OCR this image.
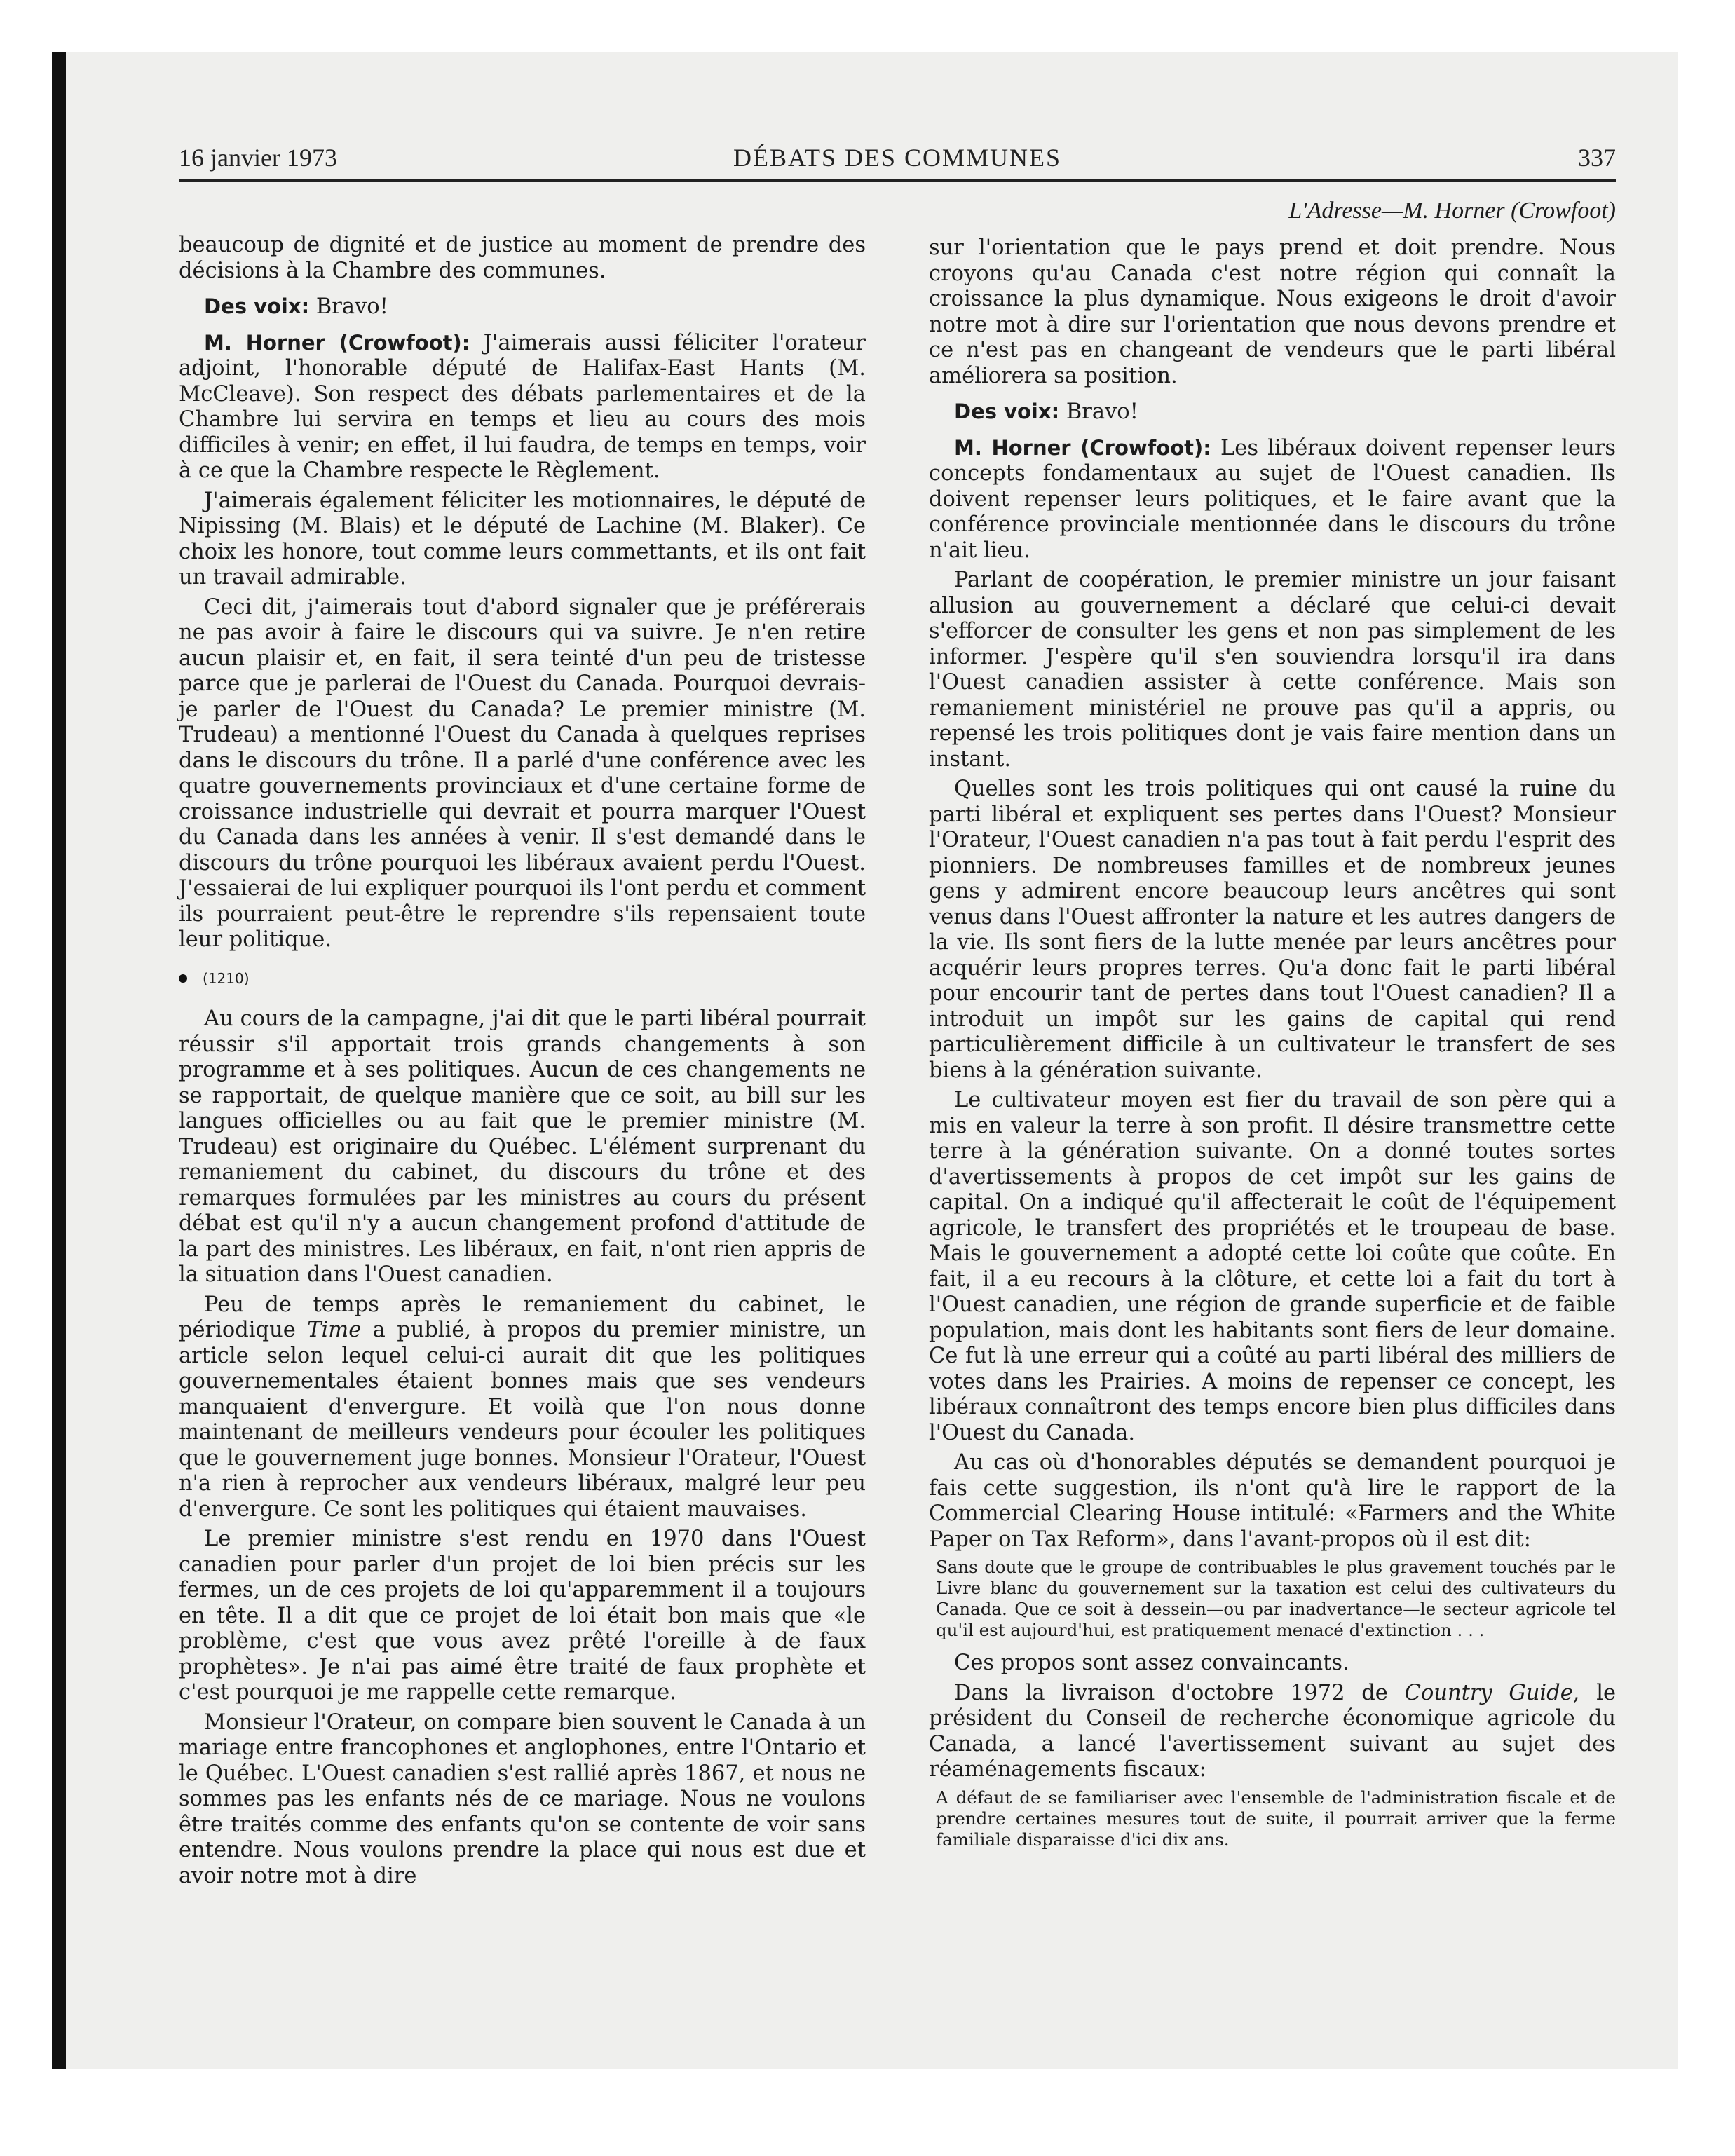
16 janvier 1973	DÉBATS DES COMMUNES	337
L'Adresse—M. Horner (Crowfoot)

beaucoup de dignité et de justice au moment de prendre des décisions à la Chambre des communes.

Des voix: Bravo!

M. Horner (Crowfoot): J'aimerais aussi féliciter l'orateur adjoint, l'honorable député de Halifax-East Hants (M. McCleave). Son respect des débats parlementaires et de la Chambre lui servira en temps et lieu au cours des mois difficiles à venir; en effet, il lui faudra, de temps en temps, voir à ce que la Chambre respecte le Règlement.

J'aimerais également féliciter les motionnaires, le député de Nipissing (M. Blais) et le député de Lachine (M. Blaker). Ce choix les honore, tout comme leurs commettants, et ils ont fait un travail admirable.

Ceci dit, j'aimerais tout d'abord signaler que je préférerais ne pas avoir à faire le discours qui va suivre. Je n'en retire aucun plaisir et, en fait, il sera teinté d'un peu de tristesse parce que je parlerai de l'Ouest du Canada. Pourquoi devrais-je parler de l'Ouest du Canada? Le premier ministre (M. Trudeau) a mentionné l'Ouest du Canada à quelques reprises dans le discours du trône. Il a parlé d'une conférence avec les quatre gouvernements provinciaux et d'une certaine forme de croissance industrielle qui devrait et pourra marquer l'Ouest du Canada dans les années à venir. Il s'est demandé dans le discours du trône pourquoi les libéraux avaient perdu l'Ouest. J'essaierai de lui expliquer pourquoi ils l'ont perdu et comment ils pourraient peut-être le reprendre s'ils repensaient toute leur politique.

(1210)

Au cours de la campagne, j'ai dit que le parti libéral pourrait réussir s'il apportait trois grands changements à son programme et à ses politiques. Aucun de ces changements ne se rapportait, de quelque manière que ce soit, au bill sur les langues officielles ou au fait que le premier ministre (M. Trudeau) est originaire du Québec. L'élément surprenant du remaniement du cabinet, du discours du trône et des remarques formulées par les ministres au cours du présent débat est qu'il n'y a aucun changement profond d'attitude de la part des ministres. Les libéraux, en fait, n'ont rien appris de la situation dans l'Ouest canadien.

Peu de temps après le remaniement du cabinet, le périodique Time a publié, à propos du premier ministre, un article selon lequel celui-ci aurait dit que les politiques gouvernementales étaient bonnes mais que ses vendeurs manquaient d'envergure. Et voilà que l'on nous donne maintenant de meilleurs vendeurs pour écouler les politiques que le gouvernement juge bonnes. Monsieur l'Orateur, l'Ouest n'a rien à reprocher aux vendeurs libéraux, malgré leur peu d'envergure. Ce sont les politiques qui étaient mauvaises.

Le premier ministre s'est rendu en 1970 dans l'Ouest canadien pour parler d'un projet de loi bien précis sur les fermes, un de ces projets de loi qu'apparemment il a toujours en tête. Il a dit que ce projet de loi était bon mais que «le problème, c'est que vous avez prêté l'oreille à de faux prophètes». Je n'ai pas aimé être traité de faux prophète et c'est pourquoi je me rappelle cette remarque.

Monsieur l'Orateur, on compare bien souvent le Canada à un mariage entre francophones et anglophones, entre l'Ontario et le Québec. L'Ouest canadien s'est rallié après 1867, et nous ne sommes pas les enfants nés de ce mariage. Nous ne voulons être traités comme des enfants qu'on se contente de voir sans entendre. Nous voulons prendre la place qui nous est due et avoir notre mot à dire

sur l'orientation que le pays prend et doit prendre. Nous croyons qu'au Canada c'est notre région qui connaît la croissance la plus dynamique. Nous exigeons le droit d'avoir notre mot à dire sur l'orientation que nous devons prendre et ce n'est pas en changeant de vendeurs que le parti libéral améliorera sa position.

Des voix: Bravo!

M. Horner (Crowfoot): Les libéraux doivent repenser leurs concepts fondamentaux au sujet de l'Ouest canadien. Ils doivent repenser leurs politiques, et le faire avant que la conférence provinciale mentionnée dans le discours du trône n'ait lieu.

Parlant de coopération, le premier ministre un jour faisant allusion au gouvernement a déclaré que celui-ci devait s'efforcer de consulter les gens et non pas simplement de les informer. J'espère qu'il s'en souviendra lorsqu'il ira dans l'Ouest canadien assister à cette conférence. Mais son remaniement ministériel ne prouve pas qu'il a appris, ou repensé les trois politiques dont je vais faire mention dans un instant.

Quelles sont les trois politiques qui ont causé la ruine du parti libéral et expliquent ses pertes dans l'Ouest? Monsieur l'Orateur, l'Ouest canadien n'a pas tout à fait perdu l'esprit des pionniers. De nombreuses familles et de nombreux jeunes gens y admirent encore beaucoup leurs ancêtres qui sont venus dans l'Ouest affronter la nature et les autres dangers de la vie. Ils sont fiers de la lutte menée par leurs ancêtres pour acquérir leurs propres terres. Qu'a donc fait le parti libéral pour encourir tant de pertes dans tout l'Ouest canadien? Il a introduit un impôt sur les gains de capital qui rend particulièrement difficile à un cultivateur le transfert de ses biens à la génération suivante.

Le cultivateur moyen est fier du travail de son père qui a mis en valeur la terre à son profit. Il désire transmettre cette terre à la génération suivante. On a donné toutes sortes d'avertissements à propos de cet impôt sur les gains de capital. On a indiqué qu'il affecterait le coût de l'équipement agricole, le transfert des propriétés et le troupeau de base. Mais le gouvernement a adopté cette loi coûte que coûte. En fait, il a eu recours à la clôture, et cette loi a fait du tort à l'Ouest canadien, une région de grande superficie et de faible population, mais dont les habitants sont fiers de leur domaine. Ce fut là une erreur qui a coûté au parti libéral des milliers de votes dans les Prairies. A moins de repenser ce concept, les libéraux connaîtront des temps encore bien plus difficiles dans l'Ouest du Canada.

Au cas où d'honorables députés se demandent pourquoi je fais cette suggestion, ils n'ont qu'à lire le rapport de la Commercial Clearing House intitulé: «Farmers and the White Paper on Tax Reform», dans l'avant-propos où il est dit:

Sans doute que le groupe de contribuables le plus gravement touchés par le Livre blanc du gouvernement sur la taxation est celui des cultivateurs du Canada. Que ce soit à dessein—ou par inadvertance—le secteur agricole tel qu'il est aujourd'hui, est pratiquement menacé d'extinction . . .

Ces propos sont assez convaincants.

Dans la livraison d'octobre 1972 de Country Guide, le président du Conseil de recherche économique agricole du Canada, a lancé l'avertissement suivant au sujet des réaménagements fiscaux:

A défaut de se familiariser avec l'ensemble de l'administration fiscale et de prendre certaines mesures tout de suite, il pourrait arriver que la ferme familiale disparaisse d'ici dix ans.
